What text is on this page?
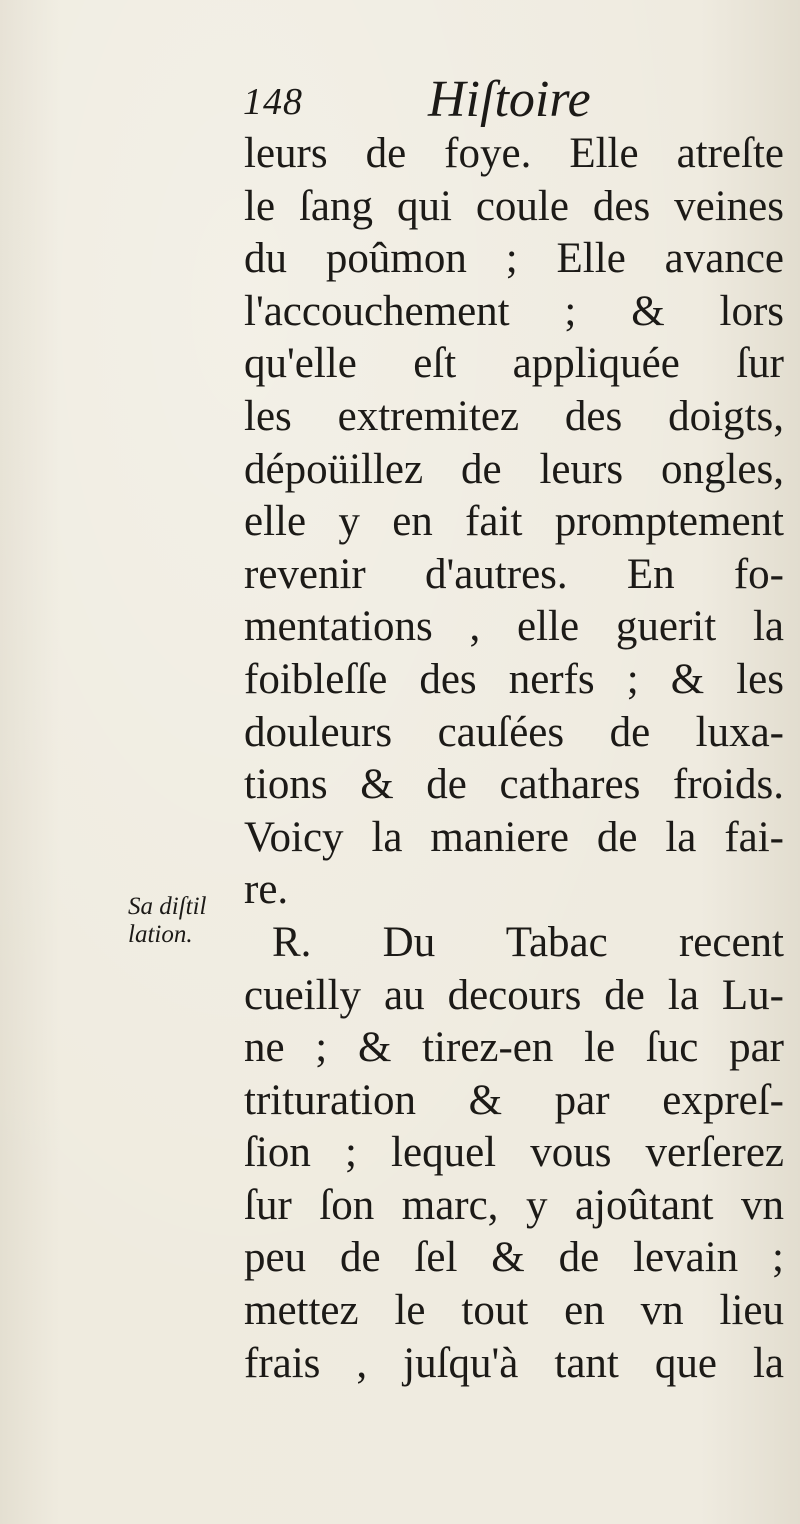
148 Hiſtoire
Sa diſtil
lation.
leurs de foye. Elle atreſte
le ſang qui coule des veines
du poûmon ; Elle avance
l'accouchement ; & lors
qu'elle eſt appliquée ſur
les extremitez des doigts,
dépoüillez de leurs ongles,
elle y en fait promptement
revenir d'autres. En fo-
mentations , elle guerit la
foibleſſe des nerfs ; & les
douleurs cauſées de luxa-
tions & de cathares froids.
Voicy la maniere de la fai-
re.
R. Du Tabac recent
cueilly au decours de la Lu-
ne ; & tirez-en le ſuc par
trituration & par expreſ-
ſion ; lequel vous verſerez
ſur ſon marc, y ajoûtant vn
peu de ſel & de levain ;
mettez le tout en vn lieu
frais , juſqu'à tant que la
